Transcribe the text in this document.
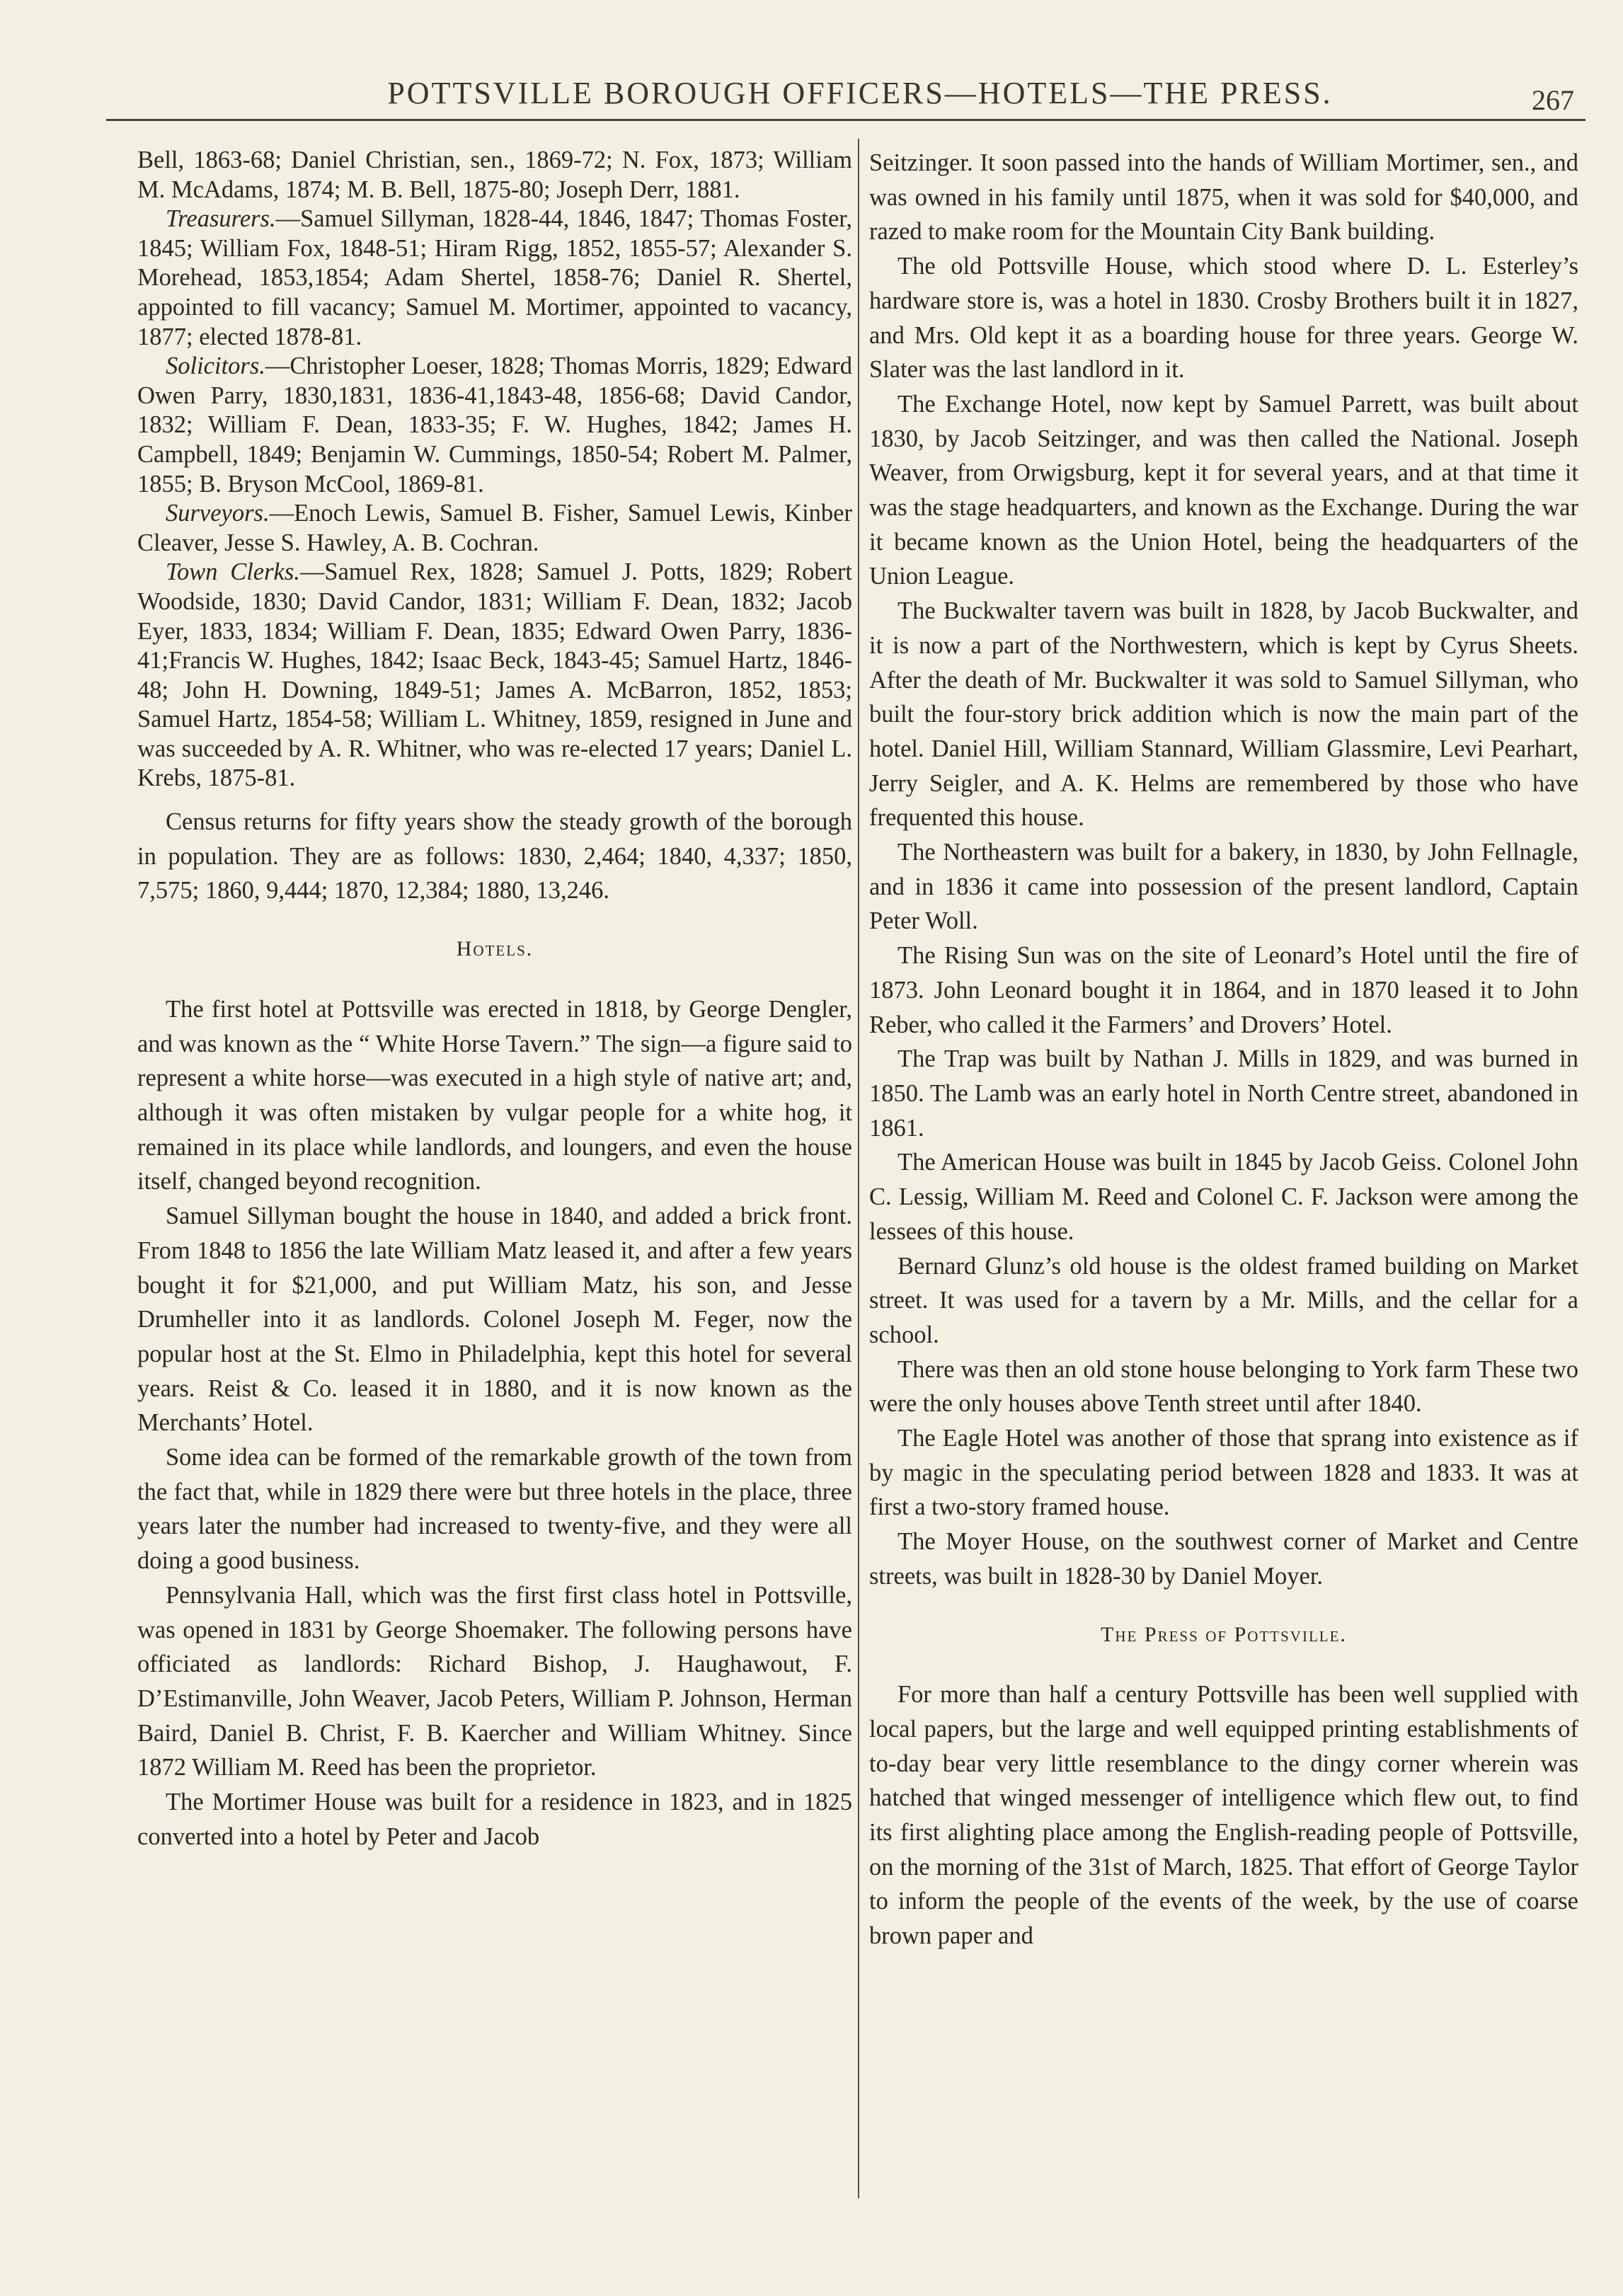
POTTSVILLE BOROUGH OFFICERS—HOTELS—THE PRESS.	267

Bell, 1863-68; Daniel Christian, sen., 1869-72; N. Fox, 1873; William M. McAdams, 1874; M. B. Bell, 1875-80; Joseph Derr, 1881.

Treasurers.—Samuel Sillyman, 1828-44, 1846, 1847; Thomas Foster, 1845; William Fox, 1848-51; Hiram Rigg, 1852, 1855-57; Alexander S. Morehead, 1853,1854; Adam Shertel, 1858-76; Daniel R. Shertel, appointed to fill vacancy; Samuel M. Mortimer, appointed to vacancy, 1877; elected 1878-81.

Solicitors.—Christopher Loeser, 1828; Thomas Morris, 1829; Edward Owen Parry, 1830,1831, 1836-41,1843-48, 1856-68; David Candor, 1832; William F. Dean, 1833-35; F. W. Hughes, 1842; James H. Campbell, 1849; Benjamin W. Cummings, 1850-54; Robert M. Palmer, 1855; B. Bryson McCool, 1869-81.

Surveyors.—Enoch Lewis, Samuel B. Fisher, Samuel Lewis, Kinber Cleaver, Jesse S. Hawley, A. B. Cochran.

Town Clerks.—Samuel Rex, 1828; Samuel J. Potts, 1829; Robert Woodside, 1830; David Candor, 1831; William F. Dean, 1832; Jacob Eyer, 1833, 1834; William F. Dean, 1835; Edward Owen Parry, 1836-41;Francis W. Hughes, 1842; Isaac Beck, 1843-45; Samuel Hartz, 1846-48; John H. Downing, 1849-51; James A. McBarron, 1852, 1853; Samuel Hartz, 1854-58; William L. Whitney, 1859, resigned in June and was succeeded by A. R. Whitner, who was re-elected 17 years; Daniel L. Krebs, 1875-81.

Census returns for fifty years show the steady growth of the borough in population. They are as follows: 1830, 2,464; 1840, 4,337; 1850, 7,575; 1860, 9,444; 1870, 12,384; 1880, 13,246.

Hotels.

The first hotel at Pottsville was erected in 1818, by George Dengler, and was known as the “ White Horse Tavern.” The sign—a figure said to represent a white horse—was executed in a high style of native art; and, although it was often mistaken by vulgar people for a white hog, it remained in its place while landlords, and loungers, and even the house itself, changed beyond recognition.

Samuel Sillyman bought the house in 1840, and added a brick front. From 1848 to 1856 the late William Matz leased it, and after a few years bought it for $21,000, and put William Matz, his son, and Jesse Drumheller into it as landlords. Colonel Joseph M. Feger, now the popular host at the St. Elmo in Philadelphia, kept this hotel for several years. Reist & Co. leased it in 1880, and it is now known as the Merchants’ Hotel.

Some idea can be formed of the remarkable growth of the town from the fact that, while in 1829 there were but three hotels in the place, three years later the number had increased to twenty-five, and they were all doing a good business.

Pennsylvania Hall, which was the first first class hotel in Pottsville, was opened in 1831 by George Shoemaker. The following persons have officiated as landlords: Richard Bishop, J. Haughawout, F. D’Estimanville, John Weaver, Jacob Peters, William P. Johnson, Herman Baird, Daniel B. Christ, F. B. Kaercher and William Whitney. Since 1872 William M. Reed has been the proprietor.

The Mortimer House was built for a residence in 1823, and in 1825 converted into a hotel by Peter and Jacob

Seitzinger. It soon passed into the hands of William Mortimer, sen., and was owned in his family until 1875, when it was sold for $40,000, and razed to make room for the Mountain City Bank building.

The old Pottsville House, which stood where D. L. Esterley’s hardware store is, was a hotel in 1830. Crosby Brothers built it in 1827, and Mrs. Old kept it as a boarding house for three years. George W. Slater was the last landlord in it.

The Exchange Hotel, now kept by Samuel Parrett, was built about 1830, by Jacob Seitzinger, and was then called the National. Joseph Weaver, from Orwigsburg, kept it for several years, and at that time it was the stage headquarters, and known as the Exchange. During the war it became known as the Union Hotel, being the headquarters of the Union League.

The Buckwalter tavern was built in 1828, by Jacob Buckwalter, and it is now a part of the Northwestern, which is kept by Cyrus Sheets. After the death of Mr. Buckwalter it was sold to Samuel Sillyman, who built the four-story brick addition which is now the main part of the hotel. Daniel Hill, William Stannard, William Glassmire, Levi Pearhart, Jerry Seigler, and A. K. Helms are remembered by those who have frequented this house.

The Northeastern was built for a bakery, in 1830, by John Fellnagle, and in 1836 it came into possession of the present landlord, Captain Peter Woll.

The Rising Sun was on the site of Leonard’s Hotel until the fire of 1873. John Leonard bought it in 1864, and in 1870 leased it to John Reber, who called it the Farmers’ and Drovers’ Hotel.

The Trap was built by Nathan J. Mills in 1829, and was burned in 1850. The Lamb was an early hotel in North Centre street, abandoned in 1861.

The American House was built in 1845 by Jacob Geiss. Colonel John C. Lessig, William M. Reed and Colonel C. F. Jackson were among the lessees of this house.

Bernard Glunz’s old house is the oldest framed building on Market street. It was used for a tavern by a Mr. Mills, and the cellar for a school.

There was then an old stone house belonging to York farm These two were the only houses above Tenth street until after 1840.

The Eagle Hotel was another of those that sprang into existence as if by magic in the speculating period between 1828 and 1833. It was at first a two-story framed house.

The Moyer House, on the southwest corner of Market and Centre streets, was built in 1828-30 by Daniel Moyer.

The Press of Pottsville.

For more than half a century Pottsville has been well supplied with local papers, but the large and well equipped printing establishments of to-day bear very little resemblance to the dingy corner wherein was hatched that winged messenger of intelligence which flew out, to find its first alighting place among the English-reading people of Pottsville, on the morning of the 31st of March, 1825. That effort of George Taylor to inform the people of the events of the week, by the use of coarse brown paper and
